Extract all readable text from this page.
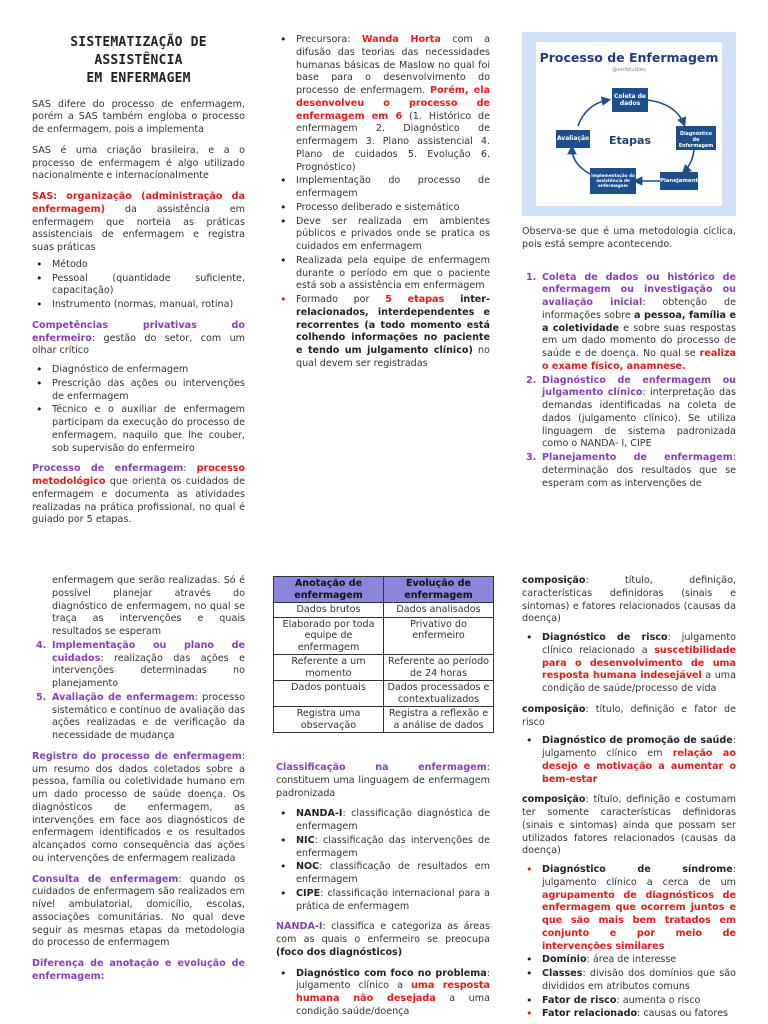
SISTEMATIZAÇÃO DE ASSISTÊNCIA
EM ENFERMAGEM

SAS difere do processo de enfermagem, porém a SAS também engloba o processo de enfermagem, pois a implementa

SAS é uma criação brasileira, e a o processo de enfermagem é algo utilizado nacionalmente e internacionalmente

SAS: organização (administração da enfermagem) da assistência em enfermagem que norteia as práticas assistenciais de enfermagem e registra suas práticas

• Método
• Pessoal (quantidade suficiente, capacitação)
• Instrumento (normas, manual, rotina)

Competências privativas do enfermeiro: gestão do setor, com um olhar crítico

• Diagnóstico de enfermagem
• Prescrição das ações ou intervenções de enfermagem
• Técnico e o auxiliar de enfermagem participam da execução do processo de enfermagem, naquilo que lhe couber, sob supervisão do enfermeiro

Processo de enfermagem: processo metodológico que orienta os cuidados de enfermagem e documenta as atividades realizadas na prática profissional, no qual é guiado por 5 etapas.

• Precursora: Wanda Horta com a difusão das teorias das necessidades humanas básicas de Maslow no qual foi base para o desenvolvimento do processo de enfermagem. Porém, ela desenvolveu o processo de enfermagem em 6 (1. Histórico de enfermagem 2. Diagnóstico de enfermagem 3. Plano assistencial 4. Plano de cuidados 5. Evolução 6. Prognóstico)
• Implementação do processo de enfermagem
• Processo deliberado e sistemático
• Deve ser realizada em ambientes públicos e privados onde se pratica os cuidados em enfermagem
• Realizada pela equipe de enfermagem durante o período em que o paciente está sob a assistência em enfermagem
• Formado por 5 etapas inter-relacionados, interdependentes e recorrentes (a todo momento está colhendo informações no paciente e tendo um julgamento clínico) no qual devem ser registradas
Processo de Enfermagem
@enfstudies
Etapas
Coleta de dados
Diagnóstico de Enfermagem
Planejamento
Implementação da assistência de enfermagem
Avaliação

Observa-se que é uma metodologia cíclica, pois está sempre acontecendo.

1. Coleta de dados ou histórico de enfermagem ou investigação ou avaliação inicial: obtenção de informações sobre a pessoa, família e a coletividade e sobre suas respostas em um dado momento do processo de saúde e de doença. No qual se realiza o exame físico, anamnese.
2. Diagnóstico de enfermagem ou julgamento clínico: interpretação das demandas identificadas na coleta de dados (julgamento clínico). Se utiliza linguagem de sistema padronizada como o NANDA- I, CIPE
3. Planejamento de enfermagem: determinação dos resultados que se esperam com as intervenções de

enfermagem que serão realizadas. Só é possível planejar através do diagnóstico de enfermagem, no qual se traça as intervenções e quais resultados se esperam

4. Implementação ou plano de cuidados: realização das ações e intervenções determinadas no planejamento
5. Avaliação de enfermagem: processo sistemático e contínuo de avaliação das ações realizadas e de verificação da necessidade de mudança

Registro do processo de enfermagem: um resumo dos dados coletados sobre a pessoa, família ou coletividade humano em um dado processo de saúde doença. Os diagnósticos de enfermagem, as intervenções em face aos diagnósticos de enfermagem identificados e os resultados alcançados como consequência das ações ou intervenções de enfermagem realizada

Consulta de enfermagem: quando os cuidados de enfermagem são realizados em nível ambulatorial, domicílio, escolas, associações comunitárias. No qual deve seguir as mesmas etapas da metodologia do processo de enfermagem

Diferença de anotação e evolução de enfermagem:

Anotação de enfermagem	Evolução de enfermagem
Dados brutos	Dados analisados
Elaborado por toda equipe de enfermagem	Privativo do enfermeiro
Referente a um momento	Referente ao período de 24 horas
Dados pontuais	Dados processados e contextualizados
Registra uma observação	Registra a reflexão e a análise de dados

Classificação na enfermagem: constituem uma linguagem de enfermagem padronizada

• NANDA-I: classificação diagnóstica de enfermagem
• NIC: classificação das intervenções de enfermagem
• NOC: classificação de resultados em enfermagem
• CIPE: classificação internacional para a prática de enfermagem

NANDA-I: classifica e categoriza as áreas com as quais o enfermeiro se preocupa (foco dos diagnósticos)

• Diagnóstico com foco no problema: julgamento clínico a uma resposta humana não desejada a uma condição saúde/doença

composição: título, definição, características definidoras (sinais e sintomas) e fatores relacionados (causas da doença)

• Diagnóstico de risco: julgamento clínico relacionado a suscetibilidade para o desenvolvimento de uma resposta humana indesejável a uma condição de saúde/processo de vida

composição: título, definição e fator de risco

• Diagnóstico de promoção de saúde: julgamento clínico em relação ao desejo e motivação a aumentar o bem-estar

composição: título, definição e costumam ter somente características definidoras (sinais e sintomas) ainda que possam ser utilizados fatores relacionados (causas da doença)

• Diagnóstico de síndrome: julgamento clínico a cerca de um agrupamento de diagnósticos de enfermagem que ocorrem juntos e que são mais bem tratados em conjunto e por meio de intervenções similares
• Domínio: área de interesse
• Classes: divisão dos domínios que são divididos em atributos comuns
• Fator de risco: aumenta o risco
• Fator relacionado: causas ou fatores
